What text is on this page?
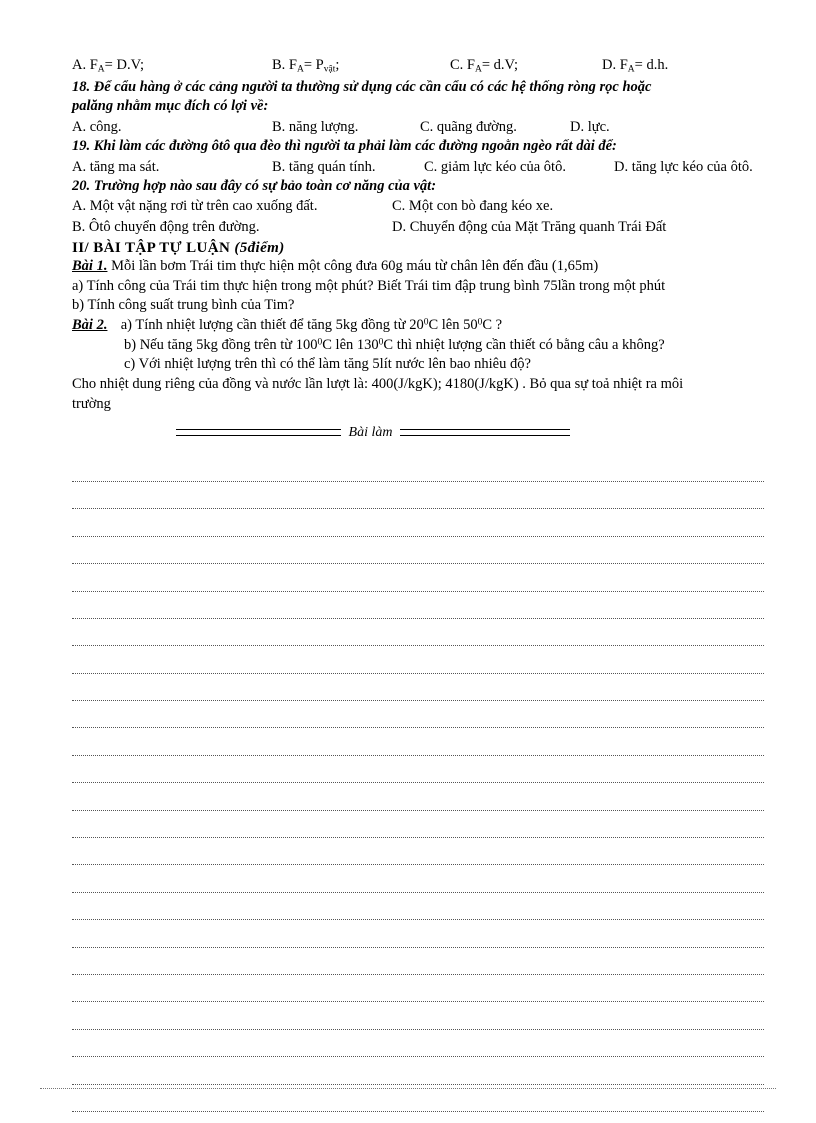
A. $F_A= D.V$;	B. $F_A= P_{vật}$;	C. $F_A= d.V$;	D. $F_A= d.h$.
18. Để cẩu hàng ở các cảng người ta thường sử dụng các cần cẩu có các hệ thống ròng rọc hoặc
palăng nhằm mục đích có lợi về:
A. công.	B. năng lượng.	C. quãng đường.	D. lực.
19. Khi làm các đường ôtô qua đèo thì người ta phải làm các đường ngoằn ngèo rất dài để:
A. tăng ma sát.	B. tăng quán tính.	C. giảm lực kéo của ôtô.	D. tăng lực kéo của ôtô.
20. Trường hợp nào sau đây có sự bảo toàn cơ năng của vật:
A. Một vật nặng rơi từ trên cao xuống đất.	C. Một con bò đang kéo xe.
B. Ôtô chuyển động trên đường.	D. Chuyển động của Mặt Trăng quanh Trái Đất
II/ BÀI TẬP TỰ LUẬN (5điểm)
Bài 1. Mỗi lần bơm Trái tim thực hiện một công đưa 60g máu từ chân lên đến đầu (1,65m)
a) Tính công của Trái tim thực hiện trong một phút? Biết Trái tim đập trung bình 75lần trong một phút
b) Tính công suất trung bình của Tim?
Bài 2. a) Tính nhiệt lượng cần thiết để tăng 5kg đồng từ $20^0C$ lên $50^0C$ ?
b) Nếu tăng 5kg đồng trên từ $100^0C$ lên $130^0C$ thì nhiệt lượng cần thiết có bằng câu a không?
c) Với nhiệt lượng trên thì có thể làm tăng 5lít nước lên bao nhiêu độ?
Cho nhiệt dung riêng của đồng và nước lần lượt là: 400(J/kgK); 4180(J/kgK) . Bỏ qua sự toả nhiệt ra môi
trường
Bài làm
